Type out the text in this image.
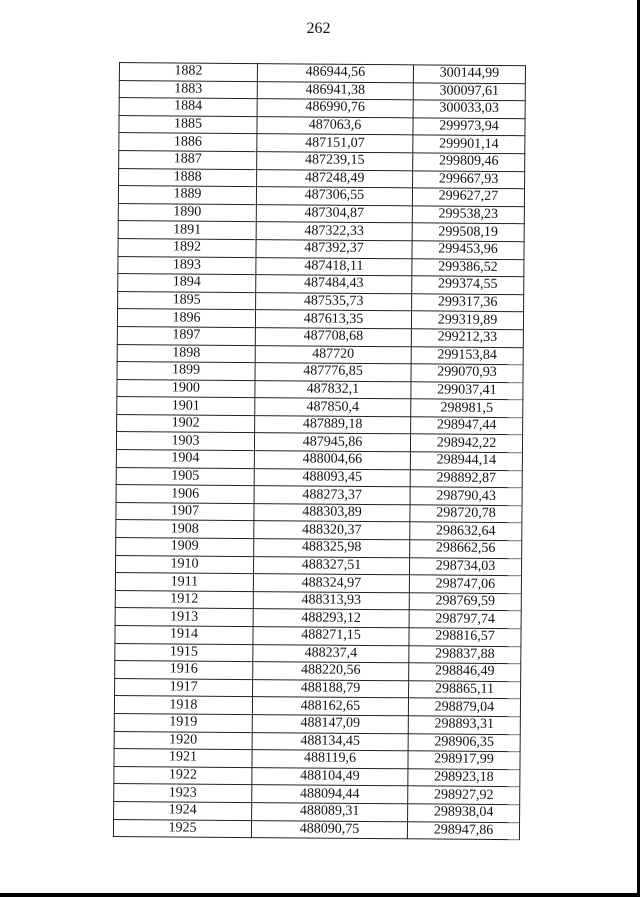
262
1882	486944,56	300144,99
1883	486941,38	300097,61
1884	486990,76	300033,03
1885	487063,6	299973,94
1886	487151,07	299901,14
1887	487239,15	299809,46
1888	487248,49	299667,93
1889	487306,55	299627,27
1890	487304,87	299538,23
1891	487322,33	299508,19
1892	487392,37	299453,96
1893	487418,11	299386,52
1894	487484,43	299374,55
1895	487535,73	299317,36
1896	487613,35	299319,89
1897	487708,68	299212,33
1898	487720	299153,84
1899	487776,85	299070,93
1900	487832,1	299037,41
1901	487850,4	298981,5
1902	487889,18	298947,44
1903	487945,86	298942,22
1904	488004,66	298944,14
1905	488093,45	298892,87
1906	488273,37	298790,43
1907	488303,89	298720,78
1908	488320,37	298632,64
1909	488325,98	298662,56
1910	488327,51	298734,03
1911	488324,97	298747,06
1912	488313,93	298769,59
1913	488293,12	298797,74
1914	488271,15	298816,57
1915	488237,4	298837,88
1916	488220,56	298846,49
1917	488188,79	298865,11
1918	488162,65	298879,04
1919	488147,09	298893,31
1920	488134,45	298906,35
1921	488119,6	298917,99
1922	488104,49	298923,18
1923	488094,44	298927,92
1924	488089,31	298938,04
1925	488090,75	298947,86
